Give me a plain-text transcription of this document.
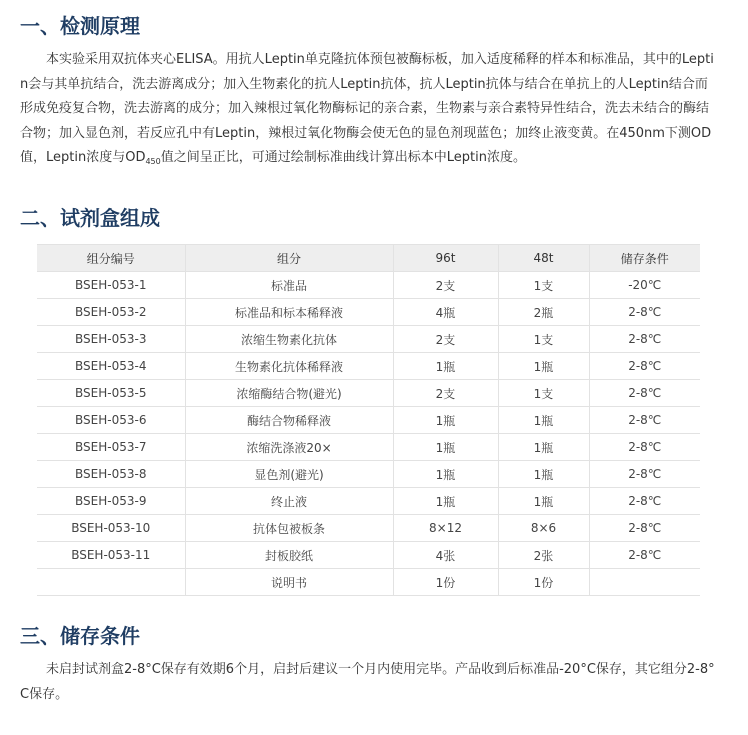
一、检测原理

本实验采用双抗体夹心ELISA。用抗人Leptin单克隆抗体预包被酶标板，加入适度稀释的样本和标准品，其中的Leptin会与其单抗结合，洗去游离成分；加入生物素化的抗人Leptin抗体，抗人Leptin抗体与结合在单抗上的人Leptin结合而形成免疫复合物，洗去游离的成分；加入辣根过氧化物酶标记的亲合素，生物素与亲合素特异性结合，洗去未结合的酶结合物；加入显色剂，若反应孔中有Leptin，辣根过氧化物酶会使无色的显色剂现蓝色；加终止液变黄。在450nm下测OD值，Leptin浓度与$OD_{450}$值之间呈正比，可通过绘制标准曲线计算出标本中Leptin浓度。

二、试剂盒组成
组分编号	组分	96t	48t	储存条件
BSEH-053-1	标准品	2支	1支	-20℃
BSEH-053-2	标准品和标本稀释液	4瓶	2瓶	2-8℃
BSEH-053-3	浓缩生物素化抗体	2支	1支	2-8℃
BSEH-053-4	生物素化抗体稀释液	1瓶	1瓶	2-8℃
BSEH-053-5	浓缩酶结合物(避光)	2支	1支	2-8℃
BSEH-053-6	酶结合物稀释液	1瓶	1瓶	2-8℃
BSEH-053-7	浓缩洗涤液20×	1瓶	1瓶	2-8℃
BSEH-053-8	显色剂(避光)	1瓶	1瓶	2-8℃
BSEH-053-9	终止液	1瓶	1瓶	2-8℃
BSEH-053-10	抗体包被板条	8×12	8×6	2-8℃
BSEH-053-11	封板胶纸	4张	2张	2-8℃
	说明书	1份	1份	
三、储存条件

未启封试剂盒2-8°C保存有效期6个月，启封后建议一个月内使用完毕。产品收到后标准品-20°C保存，其它组分2-8°C保存。
